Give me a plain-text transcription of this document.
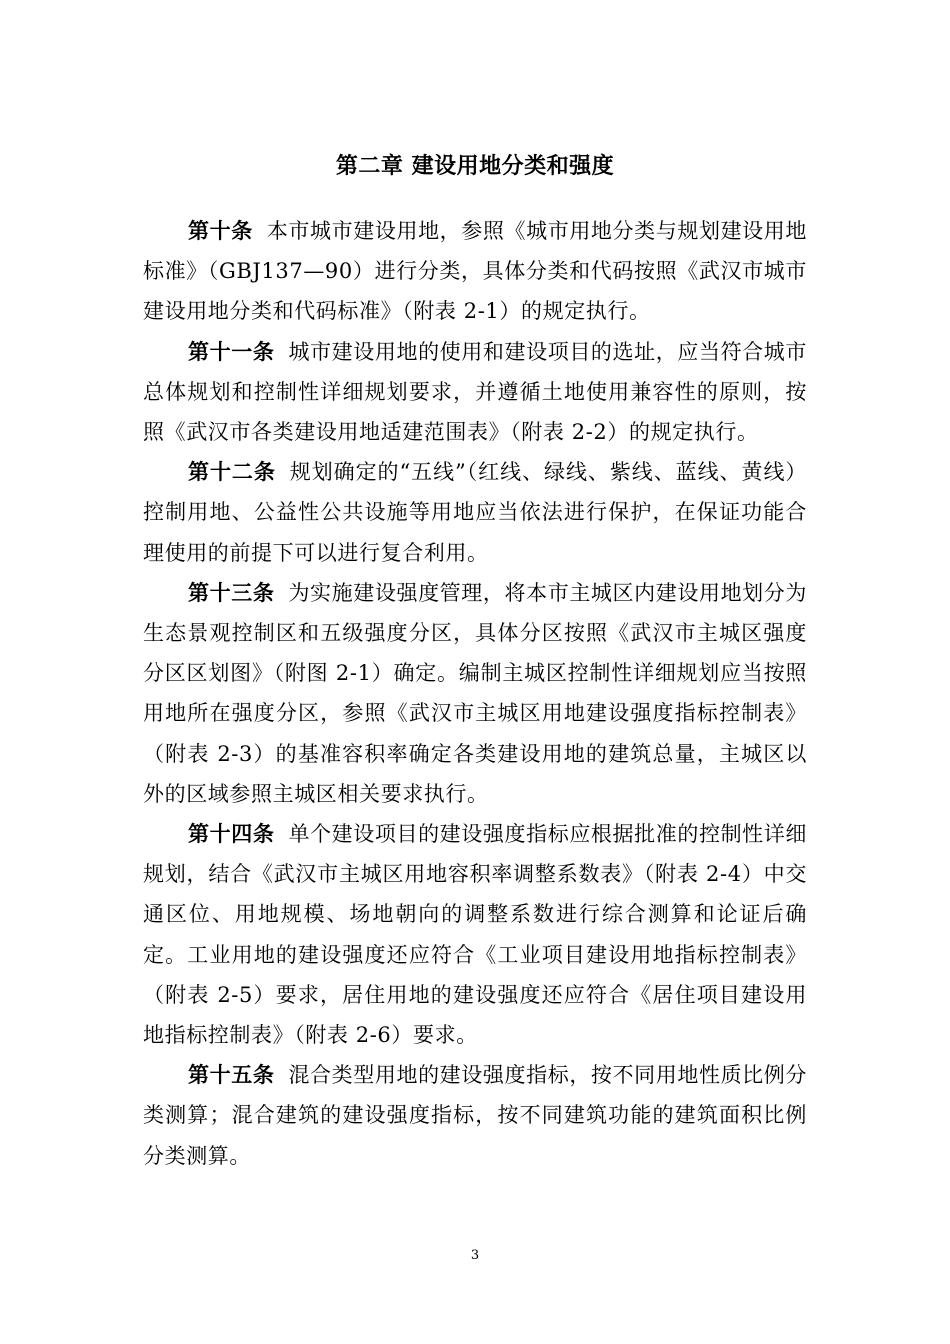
第二章 建设用地分类和强度

第十条 本市城市建设用地，参照《城市用地分类与规划建设用地标准》（GBJ137—90）进行分类，具体分类和代码按照《武汉市城市建设用地分类和代码标准》（附表 2-1）的规定执行。

第十一条 城市建设用地的使用和建设项目的选址，应当符合城市总体规划和控制性详细规划要求，并遵循土地使用兼容性的原则，按照《武汉市各类建设用地适建范围表》（附表 2-2）的规定执行。

第十二条 规划确定的“五线”（红线、绿线、紫线、蓝线、黄线）控制用地、公益性公共设施等用地应当依法进行保护，在保证功能合理使用的前提下可以进行复合利用。

第十三条 为实施建设强度管理，将本市主城区内建设用地划分为生态景观控制区和五级强度分区，具体分区按照《武汉市主城区强度分区区划图》（附图 2-1）确定。编制主城区控制性详细规划应当按照用地所在强度分区，参照《武汉市主城区用地建设强度指标控制表》（附表 2-3）的基准容积率确定各类建设用地的建筑总量，主城区以外的区域参照主城区相关要求执行。

第十四条 单个建设项目的建设强度指标应根据批准的控制性详细规划，结合《武汉市主城区用地容积率调整系数表》（附表 2-4）中交通区位、用地规模、场地朝向的调整系数进行综合测算和论证后确定。工业用地的建设强度还应符合《工业项目建设用地指标控制表》（附表 2-5）要求，居住用地的建设强度还应符合《居住项目建设用地指标控制表》（附表 2-6）要求。

第十五条 混合类型用地的建设强度指标，按不同用地性质比例分类测算；混合建筑的建设强度指标，按不同建筑功能的建筑面积比例分类测算。

3
